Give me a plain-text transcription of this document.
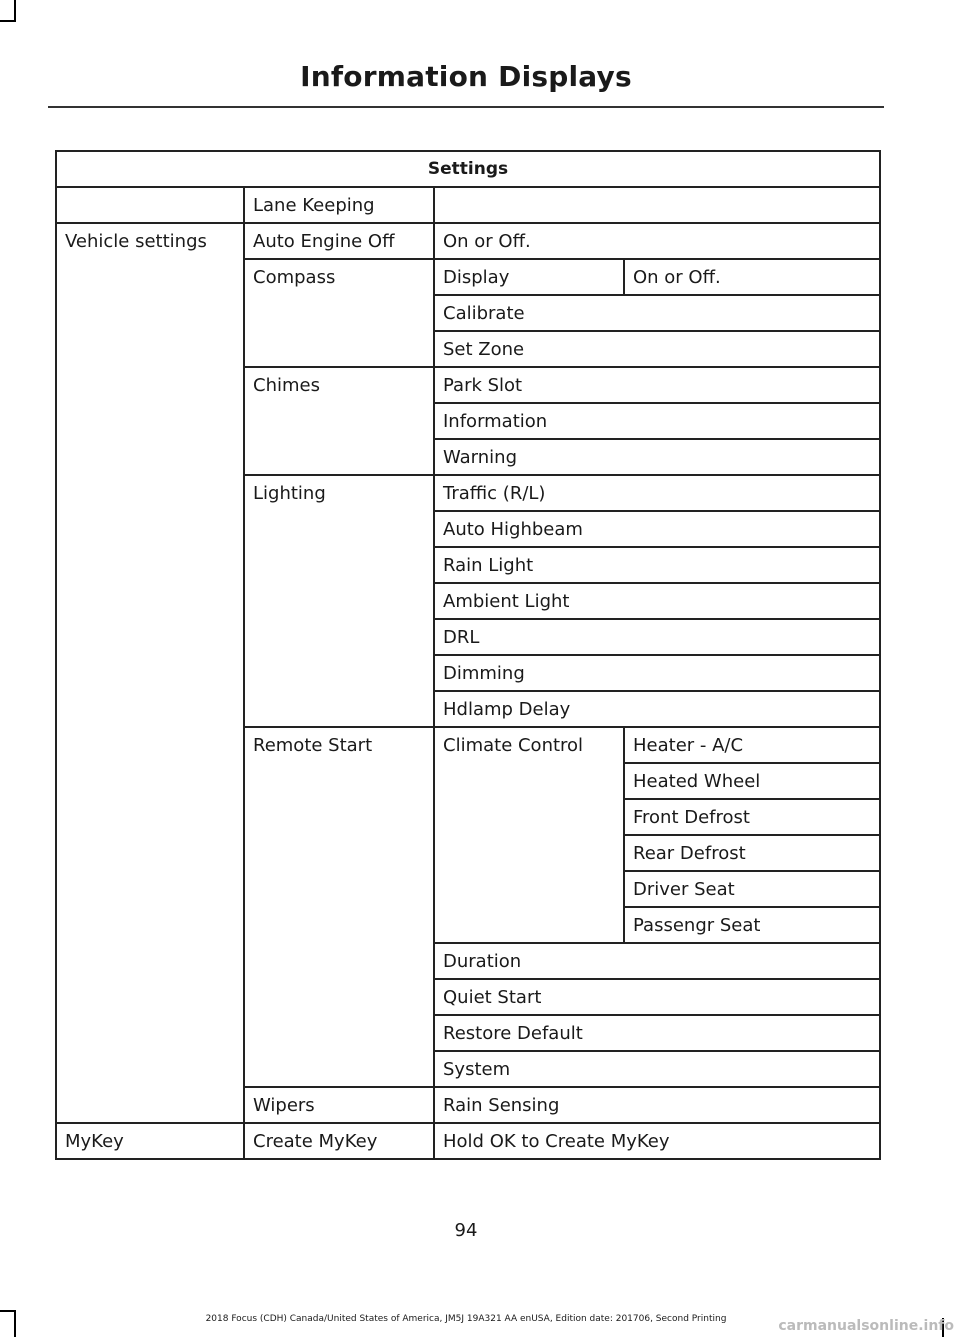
Information Displays
Settings			
	Lane Keeping		
Vehicle settings	Auto Engine Off	On or Off.	
	Compass	Display	On or Off.
		Calibrate	
		Set Zone	
	Chimes	Park Slot	
		Information	
		Warning	
	Lighting	Traffic (R/L)	
		Auto Highbeam	
		Rain Light	
		Ambient Light	
		DRL	
		Dimming	
		Hdlamp Delay	
	Remote Start	Climate Control	Heater - A/C
			Heated Wheel
			Front Defrost
			Rear Defrost
			Driver Seat
			Passengr Seat
		Duration	
		Quiet Start	
		Restore Default	
		System	
	Wipers	Rain Sensing	
MyKey	Create MyKey	Hold OK to Create MyKey	
94
2018 Focus (CDH) Canada/United States of America, JM5J 19A321 AA enUSA, Edition date: 201706, Second Printing	carmanualsonline.info
